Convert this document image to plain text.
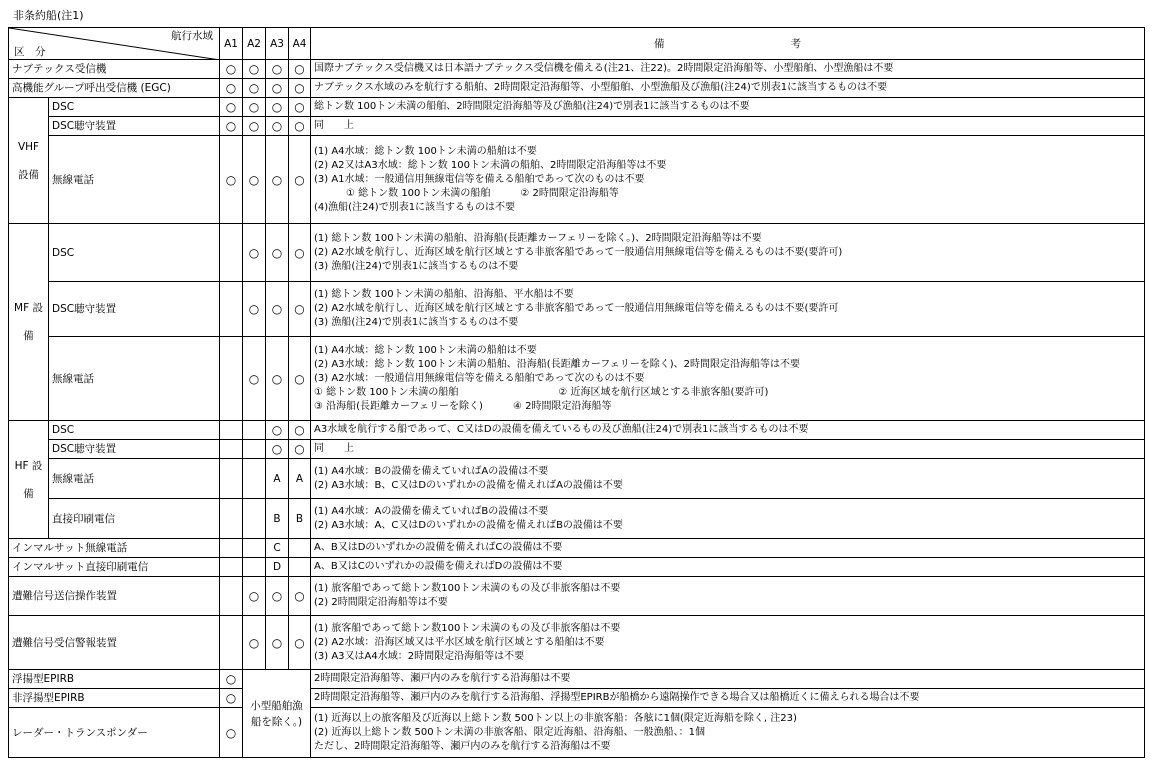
非条約船(注1)
航行水域
区　分		A1	A2	A3	A4	備　　　　　　　　　　　　考
ナブテックス受信機		○	○	○	○	国際ナブテックス受信機又は日本語ナブテックス受信機を備える(注21、注22)。2時間限定沿海船等、小型船舶、小型漁船は不要
高機能グループ呼出受信機 (EGC)		○	○	○	○	ナブテックス水域のみを航行する船舶、2時間限定沿海船等、小型船舶、小型漁船及び漁船(注24)で別表1に該当するものは不要
VHF 設備	DSC	○	○	○	○	総トン数 100トン未満の船舶、2時間限定沿海船等及び漁船(注24)で別表1に該当するものは不要
	DSC聴守装置	○	○	○	○	同　　上
	無線電話	○	○	○	○	(1) A4水域：総トン数 100トン未満の船舶は不要
(2) A2又はA3水域：総トン数 100トン未満の船舶、2時間限定沿海船等は不要
(3) A1水域：一般通信用無線電信等を備える船舶であって次のものは不要
① 総トン数 100トン未満の船舶　　　② 2時間限定沿海船等
(4)漁船(注24)で別表1に該当するものは不要

MF 設備	DSC		○	○	○	(1) 総トン数 100トン未満の船舶、沿海船(長距離カーフェリーを除く。)、2時間限定沿海船等は不要
(2) A2水域を航行し、近海区域を航行区域とする非旅客船であって一般通信用無線電信等を備えるものは不要(要許可)
(3) 漁船(注24)で別表1に該当するものは不要

	DSC聴守装置		○	○	○	(1) 総トン数 100トン未満の船舶、沿海船、平水船は不要
(2) A2水域を航行し、近海区域を航行区域とする非旅客船であって一般通信用無線電信等を備えるものは不要(要許可
(3) 漁船(注24)で別表1に該当するものは不要

	無線電話		○	○	○	(1) A4水域：総トン数 100トン未満の船舶は不要
(2) A3水域：総トン数 100トン未満の船舶、沿海船(長距離カーフェリーを除く)、2時間限定沿海船等は不要
(3) A2水域：一般通信用無線電信等を備える船舶であって次のものは不要
① 総トン数 100トン未満の船舶　　　　　　　　　　② 近海区域を航行区域とする非旅客船(要許可)
③ 沿海船(長距離カーフェリーを除く)　　　④ 2時間限定沿海船等

HF 設備	DSC			○	○	A3水域を航行する船であって、C又はDの設備を備えているもの及び漁船(注24)で別表1に該当するものは不要
	DSC聴守装置			○	○	同　　上
	無線電話			A	A	(1) A4水域：Bの設備を備えていればAの設備は不要
(2) A3水域：B、C又はDのいずれかの設備を備えればAの設備は不要

	直接印刷電信			B	B	(1) A4水域：Aの設備を備えていればBの設備は不要
(2) A3水域：A、C又はDのいずれかの設備を備えればBの設備は不要

インマルサット無線電話				C		A、B又はDのいずれかの設備を備えればCの設備は不要
インマルサット直接印刷電信				D		A、B又はCのいずれかの設備を備えればDの設備は不要
遭難信号送信操作装置			○	○	○	(1) 旅客船であって総トン数100トン未満のもの及び非旅客船は不要
(2) 2時間限定沿海船等は不要

遭難信号受信警報装置			○	○	○	(1) 旅客船であって総トン数100トン未満のもの及び非旅客船は不要
(2) A2水域：沿海区域又は平水区域を航行区域とする船舶は不要
(3) A3又はA4水域：2時間限定沿海船等は不要

浮揚型EPIRB		○	小型船舶漁船を除く。)			2時間限定沿海船等、瀬戸内のみを航行する沿海船は不要
非浮揚型EPIRB		○				2時間限定沿海船等、瀬戸内のみを航行する沿海船、浮揚型EPIRBが船橋から遠隔操作できる場合又は船橋近くに備えられる場合は不要
レーダー・トランスポンダー		○				(1) 近海以上の旅客船及び近海以上総トン数 500トン以上の非旅客船：各舷に1個(限定近海船を除く, 注23)
(2) 近海以上総トン数 500トン未満の非旅客船、限定近海船、沿海船、一般漁船、：1個
ただし、2時間限定沿海船等、瀬戸内のみを航行する沿海船は不要
